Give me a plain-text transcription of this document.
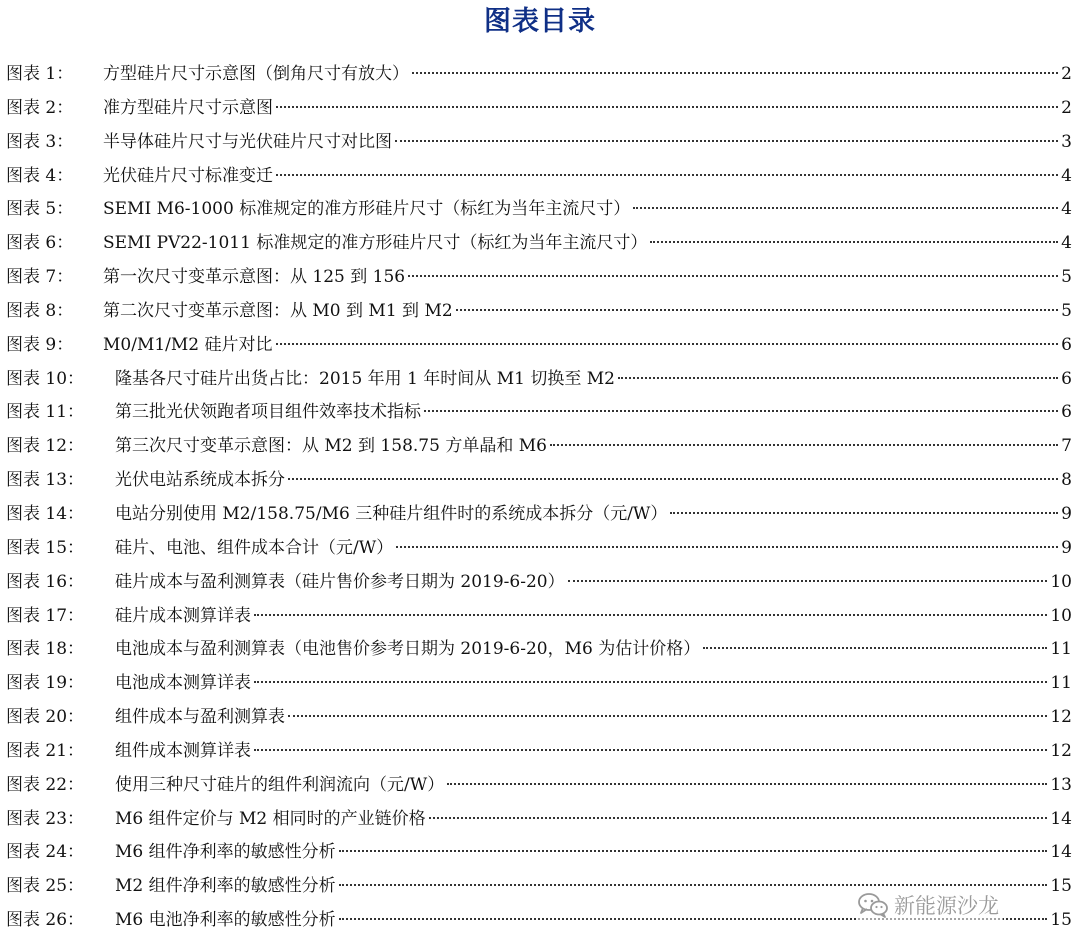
图表目录
图表 1：	方型硅片尺寸示意图（倒角尺寸有放大）	2
图表 2：	准方型硅片尺寸示意图	2
图表 3：	半导体硅片尺寸与光伏硅片尺寸对比图	3
图表 4：	光伏硅片尺寸标准变迁	4
图表 5：	SEMI M6-1000 标准规定的准方形硅片尺寸（标红为当年主流尺寸）	4
图表 6：	SEMI PV22-1011 标准规定的准方形硅片尺寸（标红为当年主流尺寸）	4
图表 7：	第一次尺寸变革示意图：从 125 到 156	5
图表 8：	第二次尺寸变革示意图：从 M0 到 M1 到 M2	5
图表 9：	M0/M1/M2 硅片对比	6
图表 10：	隆基各尺寸硅片出货占比：2015 年用 1 年时间从 M1 切换至 M2	6
图表 11：	第三批光伏领跑者项目组件效率技术指标	6
图表 12：	第三次尺寸变革示意图：从 M2 到 158.75 方单晶和 M6	7
图表 13：	光伏电站系统成本拆分	8
图表 14：	电站分别使用 M2/158.75/M6 三种硅片组件时的系统成本拆分（元/W）	9
图表 15：	硅片、电池、组件成本合计（元/W）	9
图表 16：	硅片成本与盈利测算表（硅片售价参考日期为 2019-6-20）	10
图表 17：	硅片成本测算详表	10
图表 18：	电池成本与盈利测算表（电池售价参考日期为 2019-6-20，M6 为估计价格）	11
图表 19：	电池成本测算详表	11
图表 20：	组件成本与盈利测算表	12
图表 21：	组件成本测算详表	12
图表 22：	使用三种尺寸硅片的组件利润流向（元/W）	13
图表 23：	M6 组件定价与 M2 相同时的产业链价格	14
图表 24：	M6 组件净利率的敏感性分析	14
图表 25：	M2 组件净利率的敏感性分析	15
图表 26：	M6 电池净利率的敏感性分析	15
新能源沙龙
